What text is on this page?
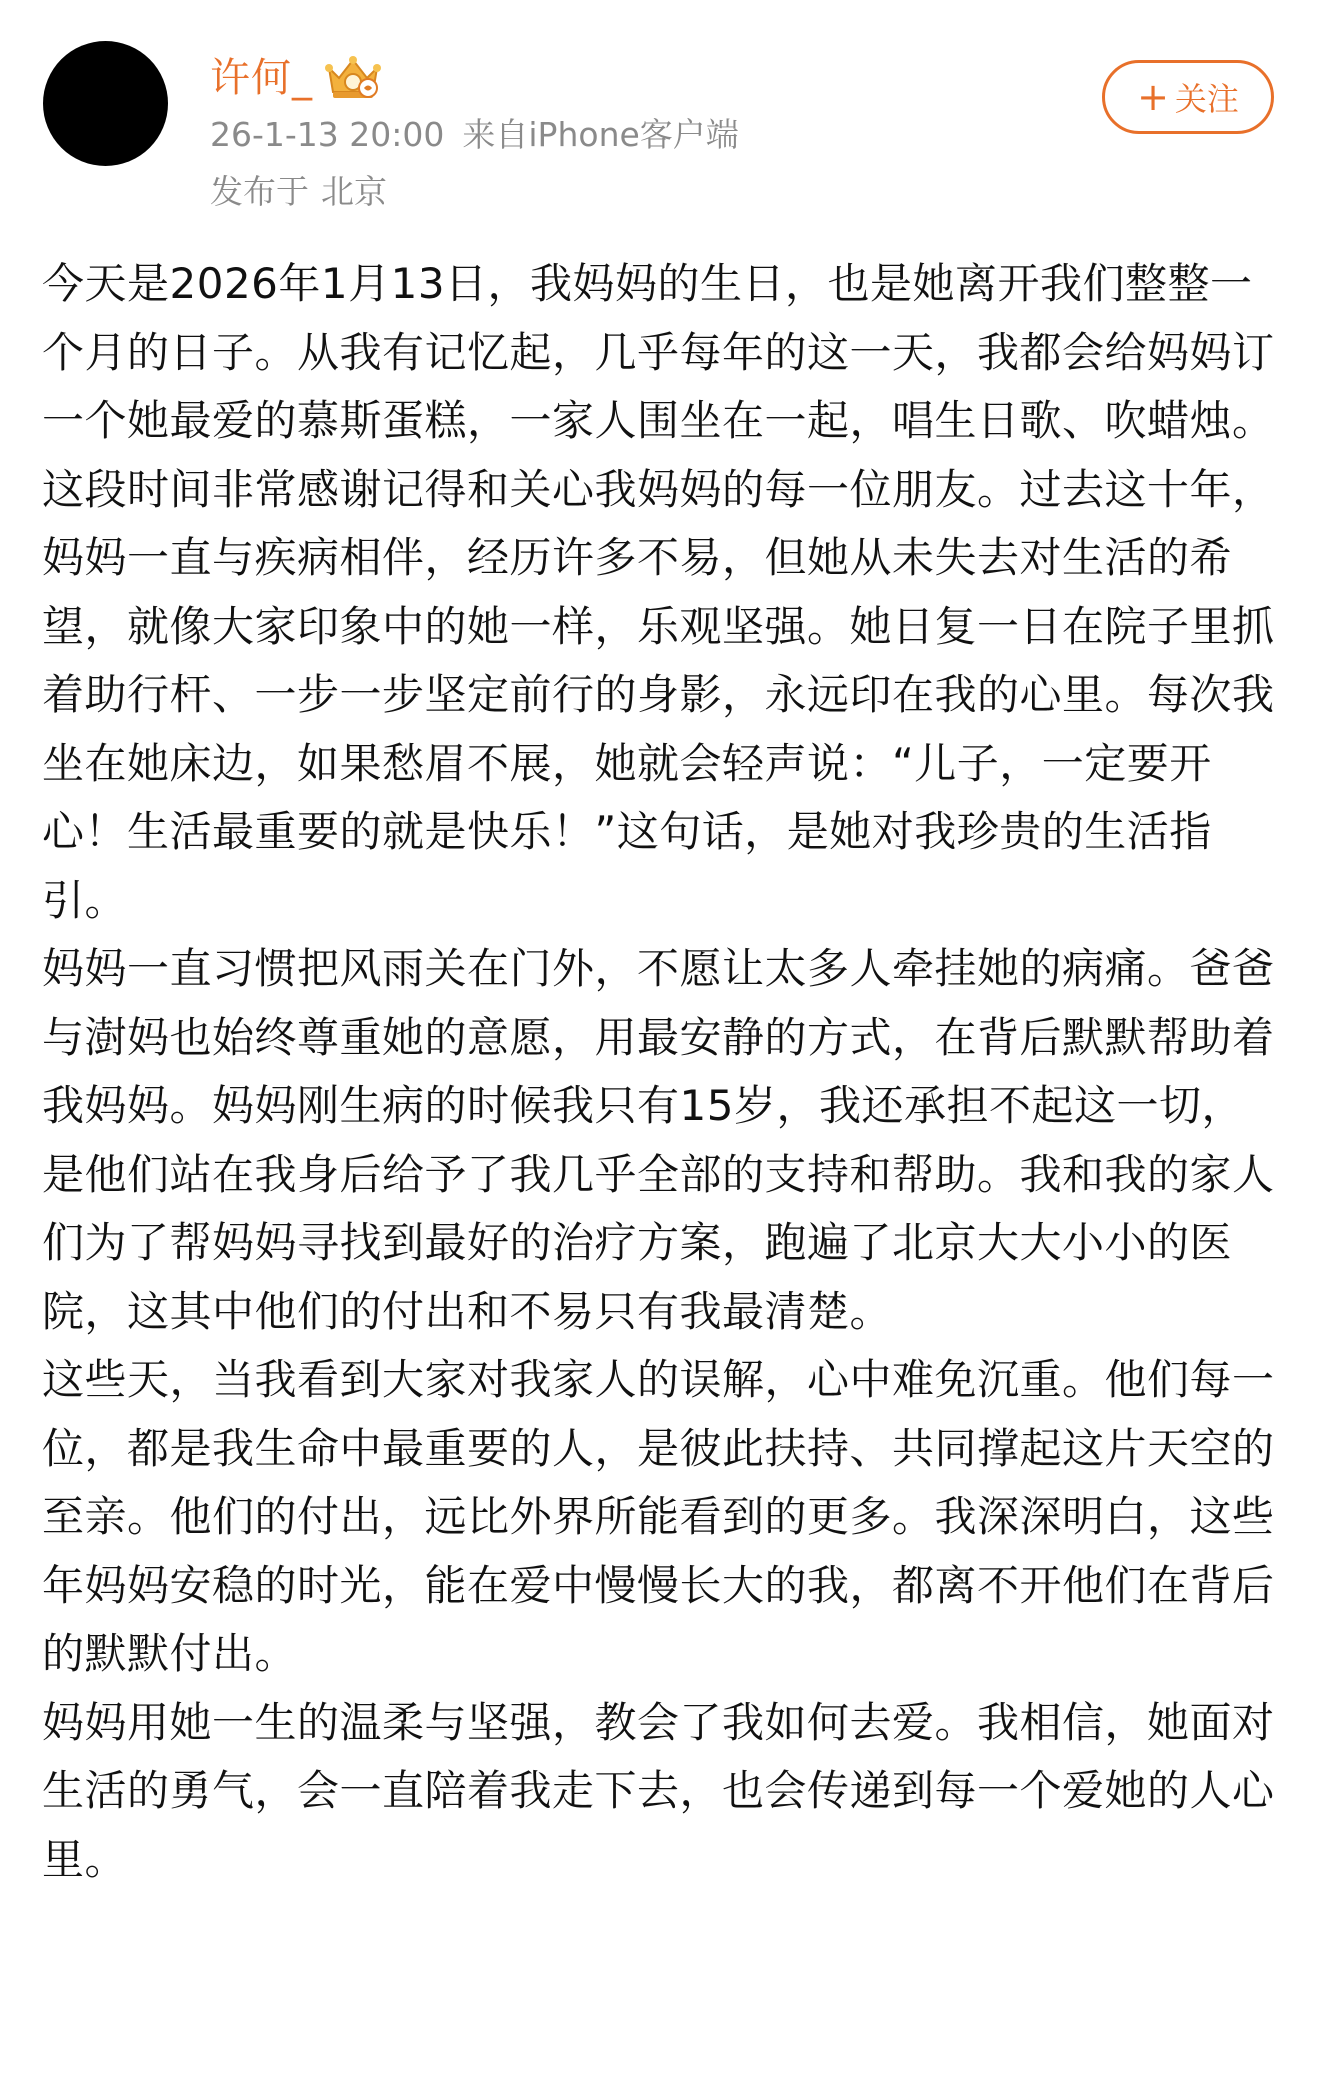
许何_
26-1-13 20:00 来自iPhone客户端
发布于 北京
+ 关注

今天是2026年1月13日，我妈妈的生日，也是她离开我们整整一个月的日子。从我有记忆起，几乎每年的这一天，我都会给妈妈订一个她最爱的慕斯蛋糕，一家人围坐在一起，唱生日歌、吹蜡烛。

这段时间非常感谢记得和关心我妈妈的每一位朋友。过去这十年，妈妈一直与疾病相伴，经历许多不易，但她从未失去对生活的希望，就像大家印象中的她一样，乐观坚强。她日复一日在院子里抓着助行杆、一步一步坚定前行的身影，永远印在我的心里。每次我坐在她床边，如果愁眉不展，她就会轻声说：“儿子，一定要开心！生活最重要的就是快乐！”这句话，是她对我珍贵的生活指引。

妈妈一直习惯把风雨关在门外，不愿让太多人牵挂她的病痛。爸爸与澍妈也始终尊重她的意愿，用最安静的方式，在背后默默帮助着我妈妈。妈妈刚生病的时候我只有15岁，我还承担不起这一切，是他们站在我身后给予了我几乎全部的支持和帮助。我和我的家人们为了帮妈妈寻找到最好的治疗方案，跑遍了北京大大小小的医院，这其中他们的付出和不易只有我最清楚。

这些天，当我看到大家对我家人的误解，心中难免沉重。他们每一位，都是我生命中最重要的人，是彼此扶持、共同撑起这片天空的至亲。他们的付出，远比外界所能看到的更多。我深深明白，这些年妈妈安稳的时光，能在爱中慢慢长大的我，都离不开他们在背后的默默付出。

妈妈用她一生的温柔与坚强，教会了我如何去爱。我相信，她面对生活的勇气，会一直陪着我走下去，也会传递到每一个爱她的人心里。
